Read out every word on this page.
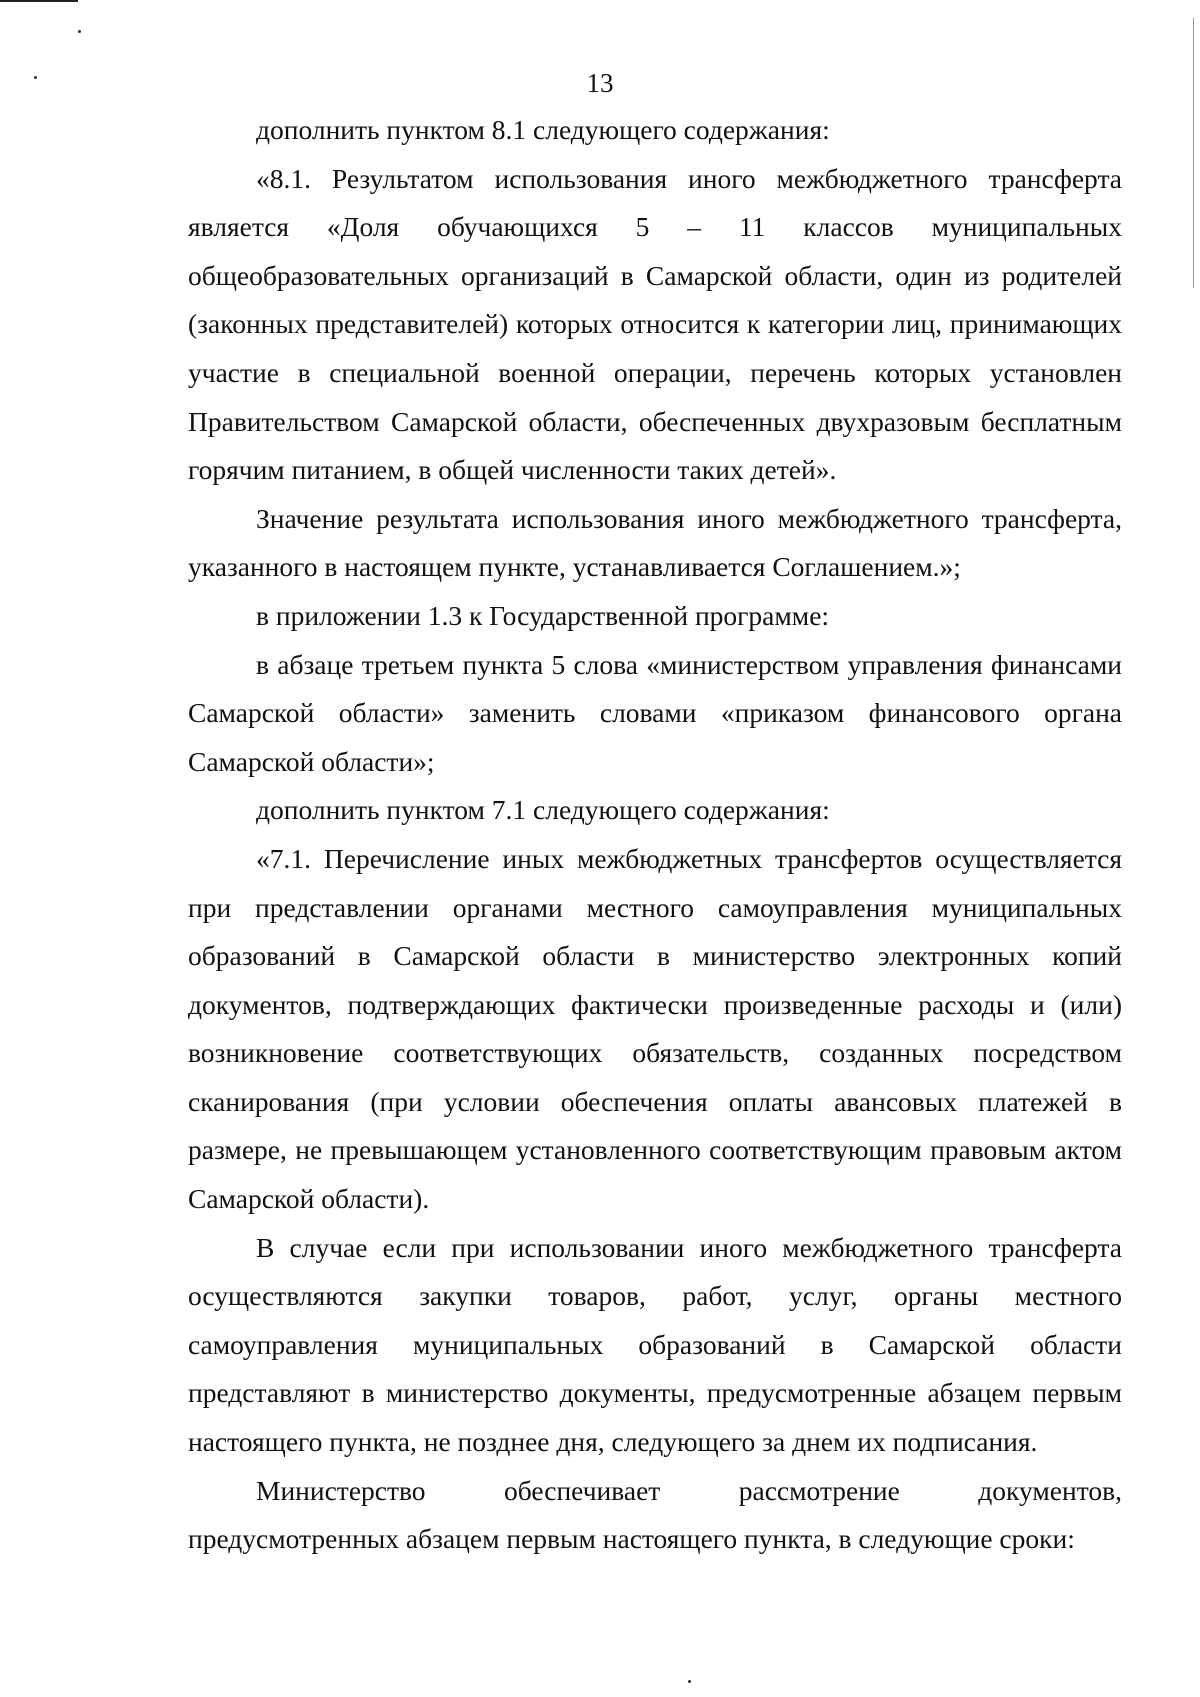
13

дополнить пунктом 8.1 следующего содержания:

«8.1. Результатом использования иного межбюджетного трансферта является «Доля обучающихся 5 – 11 классов муниципальных общеобразовательных организаций в Самарской области, один из родителей (законных представителей) которых относится к категории лиц, принимающих участие в специальной военной операции, перечень которых установлен Правительством Самарской области, обеспеченных двухразовым бесплатным горячим питанием, в общей численности таких детей».

Значение результата использования иного межбюджетного трансферта, указанного в настоящем пункте, устанавливается Соглашением.»;

в приложении 1.3 к Государственной программе:

в абзаце третьем пункта 5 слова «министерством управления финансами Самарской области» заменить словами «приказом финансового органа Самарской области»;

дополнить пунктом 7.1 следующего содержания:

«7.1. Перечисление иных межбюджетных трансфертов осуществляется при представлении органами местного самоуправления муниципальных образований в Самарской области в министерство электронных копий документов, подтверждающих фактически произведенные расходы и (или) возникновение соответствующих обязательств, созданных посредством сканирования (при условии обеспечения оплаты авансовых платежей в размере, не превышающем установленного соответствующим правовым актом Самарской области).

В случае если при использовании иного межбюджетного трансферта осуществляются закупки товаров, работ, услуг, органы местного самоуправления муниципальных образований в Самарской области представляют в министерство документы, предусмотренные абзацем первым настоящего пункта, не позднее дня, следующего за днем их подписания.

Министерство обеспечивает рассмотрение документов, предусмотренных абзацем первым настоящего пункта, в следующие сроки:
